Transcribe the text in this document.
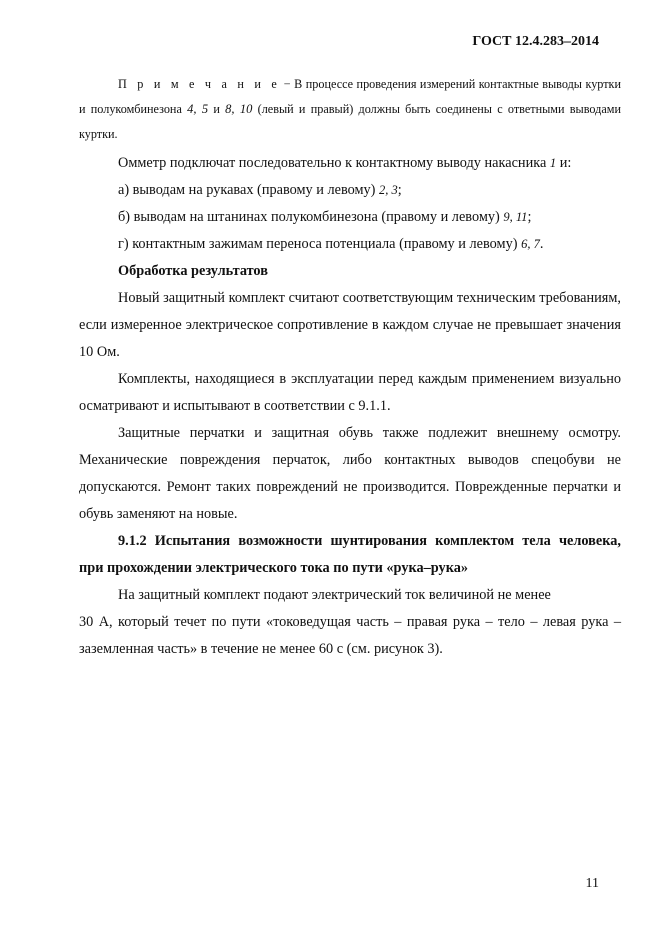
ГОСТ 12.4.283–2014

П р и м е ч а н и е − В процессе проведения измерений контактные выводы куртки и полукомбинезона 4, 5 и 8, 10 (левый и правый) должны быть соединены с ответными выводами куртки.

Омметр подключат последовательно к контактному выводу накасника 1 и:

а) выводам на рукавах (правому и левому) 2, 3;

б) выводам на штанинах полукомбинезона (правому и левому) 9, 11;

г) контактным зажимам переноса потенциала (правому и левому) 6, 7.

Обработка результатов

Новый защитный комплект считают соответствующим техническим требованиям, если измеренное электрическое сопротивление в каждом случае не превышает значения 10 Ом.

Комплекты, находящиеся в эксплуатации перед каждым применением визуально осматривают и испытывают в соответствии с 9.1.1.

Защитные перчатки и защитная обувь также подлежит внешнему осмотру. Механические повреждения перчаток, либо контактных выводов спецобуви не допускаются. Ремонт таких повреждений не производится. Поврежденные перчатки и обувь заменяют на новые.

9.1.2 Испытания возможности шунтирования комплектом тела человека, при прохождении электрического тока по пути «рука–рука»

На защитный комплект подают электрический ток величиной не менее

30 А, который течет по пути «токоведущая часть – правая рука – тело – левая рука – заземленная часть» в течение не менее 60 с (см. рисунок 3).

11
